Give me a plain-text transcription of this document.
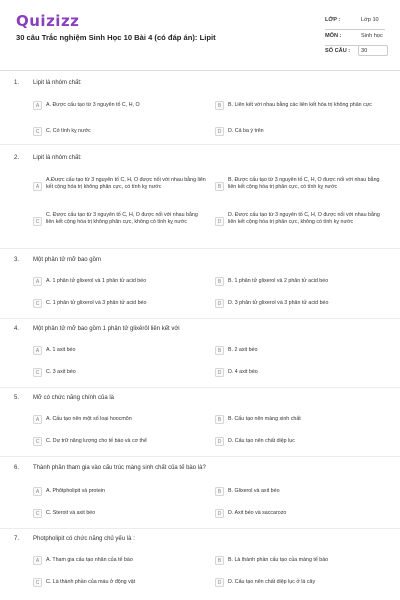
Quizizz
30 câu Trắc nghiệm Sinh Học 10 Bài 4 (có đáp án): Lipit
LỚP :	Lớp 10
MÔN :	Sinh học
SỐ CÂU :	30
1. Lipit là nhóm chất:
A	A. Được cấu tạo từ 3 nguyên tố C, H, O	B	B. Liên kết với nhau bằng các liên kết hóa trị không phân cực
C	C. Có tính kỵ nước	D	D. Cả ba ý trên
2. Lipit là nhóm chất:
A
A.Được cấu tạo từ 3 nguyên tố C, H, O được nối với nhau bằng liên kết cộng hóa trị không phân cực, có tính kỵ nước	B
B. Được cấu tạo từ 3 nguyên tố C, H, O được nối với nhau bằng liên kết cộng hóa trị phân cực, có tính kỵ nước
C
C. Được cấu tạo từ 3 nguyên tố C, H, O được nối với nhau bằng liên kết cộng hóa trị không phân cực, không có tính kỵ nước	D
D. Được cấu tạo từ 3 nguyên tố C, H, O được nối với nhau bằng liên kết cộng hóa trị phân cực, không có tính kỵ nước
3. Một phân tử mỡ bao gồm
A	A. 1 phân tử glixerol và 1 phân tử acid béo	B	B. 1 phân tử glixerol và 2 phân tử acid béo
C	C. 1 phân tử glixerol và 3 phân tử acid béo	D	D. 3 phân tử glixerol và 3 phân tử acid béo
4. Một phân tử mỡ bao gồm 1 phân tử glixêrôl liên kết với
A	A. 1 axit béo	B	B. 2 axit béo
C	C. 3 axit béo	D	D. 4 axit béo
5. Mỡ có chức năng chính của là
A	A. Cấu tạo nên một số loại hoocmôn	B	B. Cấu tạo nên màng sinh chất
C	C. Dự trữ năng lượng cho tế bào và cơ thể	D	D. Cấu tạo nên chất diệp lục
6. Thành phần tham gia vào cấu trúc màng sinh chất của tế bào là?
A	A. Phôtpholipit và protein	B	B. Glixerol và axit béo
C	C. Steroit và axit béo	D	D. Axit béo và saccarozo
7. Photpholipit có chức năng chủ yếu là :
A	A. Tham gia cấu tạo nhân của tế bào	B	B. Là thành phần cấu tạo của màng tế bào
C	C. Là thành phần của máu ở động vật	D	D. Cấu tạo nên chất diệp lục ở lá cây
